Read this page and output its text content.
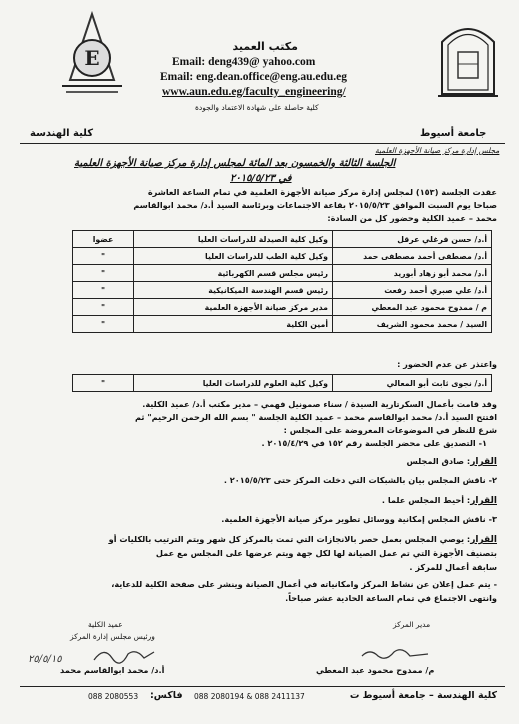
E	مكتب العميد
Email: deng439@ yahoo.com
Email: eng.dean.office@eng.au.edu.eg
www.aun.edu.eg/faculty_engineering/
كلية حاصلة على شهادة الاعتماد والجودة
جامعة أسيوط
كلية الهندسة
مجلس إدارة مركز صيانة الأجهزة العلمية
الجلسة الثالثة والخمسون بعد المائة لمجلس إدارة مركز صيانة الأجهزة العلمية
في ٢٠١٥/٥/٢٣
عقدت الجلسة (١٥٣) لمجلس إدارة مركز صيانة الأجهزة العلمية في تمام الساعة العاشرة
صباحا يوم السبت الموافق ٢٠١٥/٥/٢٣ بقاعة الاجتماعات وبرئاسة السيد أ.د/ محمد ابوالقاسم
محمد – عميد الكلية وحضور كل من السادة:
أ.د/ حسن فرغلي عرقل	وكيل كلية الصيدلة للدراسات العليا	عضوا
أ.د/ مصطفى أحمد مصطفى حمد	وكيل كلية الطب للدراسات العليا	"
أ.د/ محمد أبو زهاد أبوريد	رئيس مجلس قسم الكهربائية	"
أ.د/ علي صبري أحمد رفعت	رئيس قسم الهندسة الميكانيكية	"
م / ممدوح محمود عبد المعطي	مدير مركز صيانة الأجهزة العلمية	"
السيد / محمد محمود الشريف	أمين الكلية	"
واعتذر عن عدم الحضور :
أ.د/ نجوى ثابت أبو المعالي	وكيل كلية العلوم للدراسات العليا	"
وقد قامت بأعمال السكرتارية السيدة / سناء صمونيل فهمي – مدير مكتب أ.د/ عميد الكلية.
افتتح السيد أ.د/ محمد ابوالقاسم محمد – عميد الكلية الجلسة " بسم الله الرحمن الرحيم" ثم
شرع للنظر في الموضوعات المعروضة على المجلس :
١- التصديق على محضر الجلسة رقم ١٥٢ في ٢٠١٥/٤/٢٩ .
القرار: صادق المجلس
٢- ناقش المجلس بيان بالشبكات التي دخلت المركز حتى ٢٠١٥/٥/٢٣ .
القرار: أحيط المجلس علما .
٣- ناقش المجلس إمكانية ووسائل تطوير مركز صيانة الأجهزة العلمية.
القرار: يوصي المجلس بعمل حصر بالانجازات التي تمت بالمركز كل شهر ويتم الترتيب بالكليات أو
بتصنيف الأجهزة التي تم عمل الصيانة لها لكل جهة ويتم عرضها على المجلس مع عمل
سابقة أعمال للمركز .
- يتم عمل إعلان عن نشاط المركز وامكانياته في أعمال الصيانة وينشر على صفحة الكلية للدعاية،
وانتهى الاجتماع في تمام الساعة الحادية عشر صباحاً.
عميد الكلية
ورئيس مجلس إدارة المركز
٢٥/٥/١٥
أ.د/ محمد ابوالقاسم محمد
مدير المركز
م/ ممدوح محمود عبد المعطي
كلية الهندسة – جامعة أسيوط ت
088 2080194 & 088 2411137
فاكس:
088 2080553
